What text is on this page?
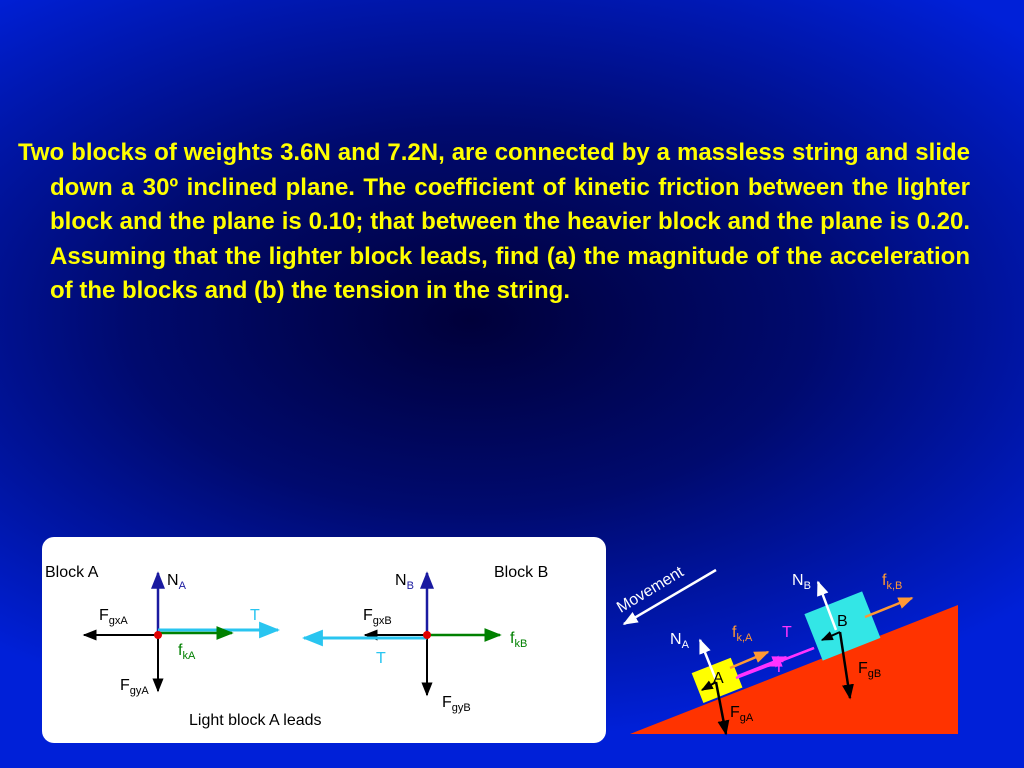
Two blocks of weights 3.6N and 7.2N, are connected by a massless string and slide down a 30º inclined plane. The coefficient of kinetic friction between the lighter block and the plane is 0.10; that between the heavier block and the plane is 0.20. Assuming that the lighter block leads, find (a) the magnitude of the acceleration of the blocks and (b) the tension in the string.

Block A	Block B
Light block A leads
$N_A$
$F_{gxA}$
$F_{gyA}$
$f_{kA}$
T
$N_B$
$F_{gxB}$
$F_{gyB}$
$f_{kB}$
T
Movement
A
B
$N_A$
$N_B$
$f_{k,A}$
$f_{k,B}$
T
T
$F_{gA}$
$F_{gB}$
